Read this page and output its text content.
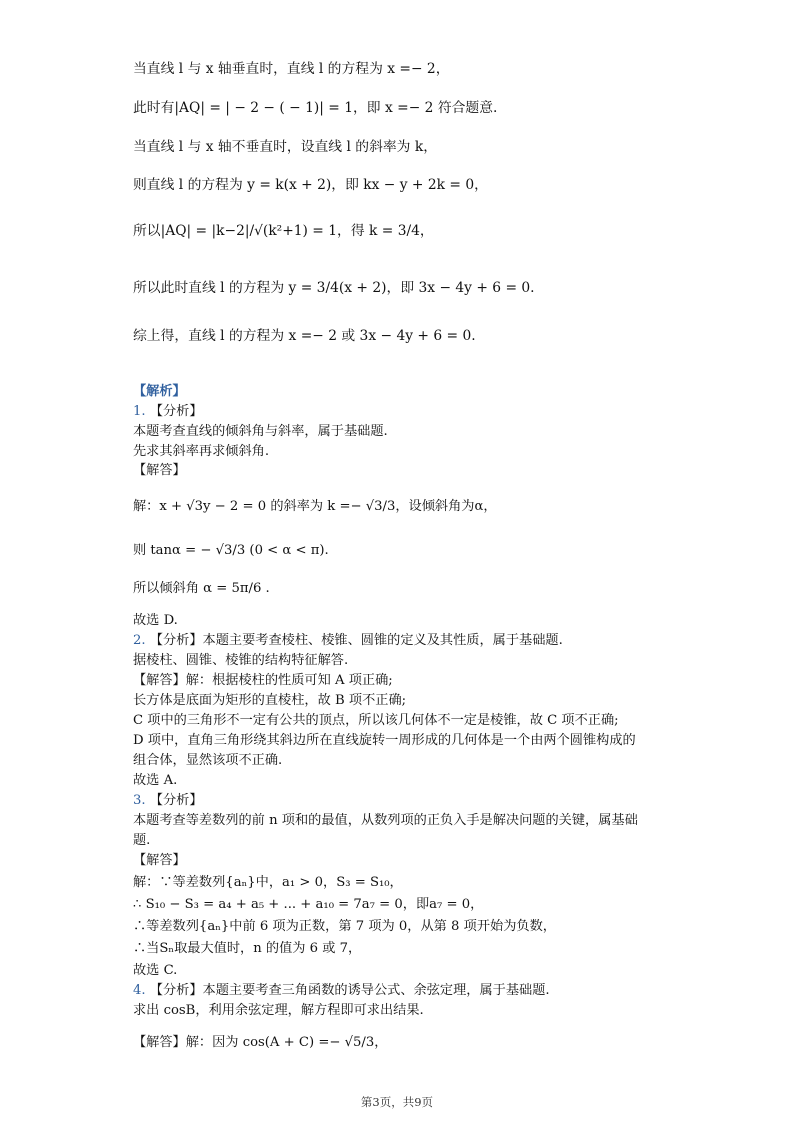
当直线 l 与 x 轴垂直时，直线 l 的方程为 x =− 2，
此时有|AQ| = | − 2 − ( − 1)| = 1，即 x =− 2 符合题意.
当直线 l 与 x 轴不垂直时，设直线 l 的斜率为 k，
则直线 l 的方程为 y = k(x + 2)，即 kx − y + 2k = 0，
所以|AQ| = |k−2|/√(k²+1) = 1，得 k = 3/4，
所以此时直线 l 的方程为 y = 3/4(x + 2)，即 3x − 4y + 6 = 0.
综上得，直线 l 的方程为 x =− 2 或 3x − 4y + 6 = 0.
【解析】
1. 【分析】
本题考查直线的倾斜角与斜率，属于基础题.
先求其斜率再求倾斜角.
【解答】
解：x + √3y − 2 = 0 的斜率为 k =− √3/3，设倾斜角为α，
则 tanα = − √3/3 (0 < α < π).
所以倾斜角 α = 5π/6 .
故选 D.
2. 【分析】本题主要考查棱柱、棱锥、圆锥的定义及其性质，属于基础题.
据棱柱、圆锥、棱锥的结构特征解答.
【解答】解：根据棱柱的性质可知 A 项正确;
长方体是底面为矩形的直棱柱，故 B 项不正确;
C 项中的三角形不一定有公共的顶点，所以该几何体不一定是棱锥，故 C 项不正确;
D 项中，直角三角形绕其斜边所在直线旋转一周形成的几何体是一个由两个圆锥构成的
组合体，显然该项不正确.
故选 A.
3. 【分析】
本题考查等差数列的前 n 项和的最值，从数列项的正负入手是解决问题的关键，属基础
题.
【解答】
解：∵等差数列{aₙ}中，a₁ > 0，S₃ = S₁₀，
∴ S₁₀ − S₃ = a₄ + a₅ + ... + a₁₀ = 7a₇ = 0，即a₇ = 0，
∴等差数列{aₙ}中前 6 项为正数，第 7 项为 0，从第 8 项开始为负数，
∴当Sₙ取最大值时，n 的值为 6 或 7，
故选 C.
4. 【分析】本题主要考查三角函数的诱导公式、余弦定理，属于基础题.
求出 cosB，利用余弦定理，解方程即可求出结果.
【解答】解：因为 cos(A + C) =− √5/3，
第3页，共9页
